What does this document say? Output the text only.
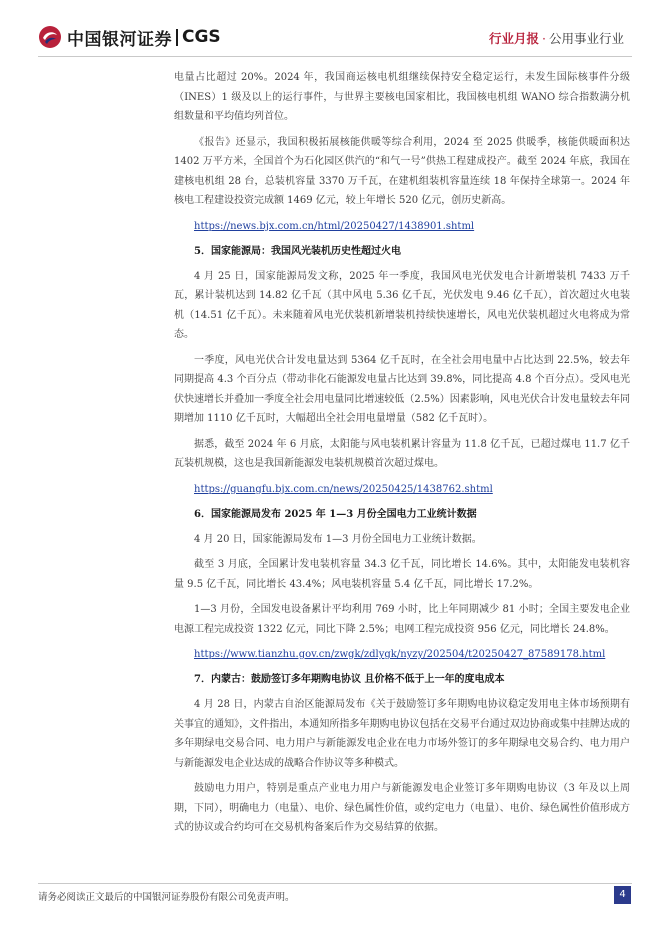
中国银河证券 CGS	行业月报 · 公用事业行业

电量占比超过 20%。2024 年，我国商运核电机组继续保持安全稳定运行，未发生国际核事件分级（INES）1 级及以上的运行事件，与世界主要核电国家相比，我国核电机组 WANO 综合指数满分机组数量和平均值均列首位。

《报告》还显示，我国积极拓展核能供暖等综合利用，2024 至 2025 供暖季，核能供暖面积达 1402 万平方米，全国首个为石化园区供汽的“和气一号”供热工程建成投产。截至 2024 年底，我国在建核电机组 28 台，总装机容量 3370 万千瓦，在建机组装机容量连续 18 年保持全球第一。2024 年核电工程建设投资完成额 1469 亿元，较上年增长 520 亿元，创历史新高。

https://news.bjx.com.cn/html/20250427/1438901.shtml
5．国家能源局：我国风光装机历史性超过火电

4 月 25 日，国家能源局发文称，2025 年一季度，我国风电光伏发电合计新增装机 7433 万千瓦，累计装机达到 14.82 亿千瓦（其中风电 5.36 亿千瓦，光伏发电 9.46 亿千瓦），首次超过火电装机（14.51 亿千瓦）。未来随着风电光伏装机新增装机持续快速增长，风电光伏装机超过火电将成为常态。

一季度，风电光伏合计发电量达到 5364 亿千瓦时，在全社会用电量中占比达到 22.5%，较去年同期提高 4.3 个百分点（带动非化石能源发电量占比达到 39.8%，同比提高 4.8 个百分点）。受风电光伏快速增长并叠加一季度全社会用电量同比增速较低（2.5%）因素影响，风电光伏合计发电量较去年同期增加 1110 亿千瓦时，大幅超出全社会用电量增量（582 亿千瓦时）。

据悉，截至 2024 年 6 月底，太阳能与风电装机累计容量为 11.8 亿千瓦，已超过煤电 11.7 亿千瓦装机规模，这也是我国新能源发电装机规模首次超过煤电。

https://guangfu.bjx.com.cn/news/20250425/1438762.shtml
6．国家能源局发布 2025 年 1—3 月份全国电力工业统计数据

4 月 20 日，国家能源局发布 1—3 月份全国电力工业统计数据。

截至 3 月底，全国累计发电装机容量 34.3 亿千瓦，同比增长 14.6%。其中，太阳能发电装机容量 9.5 亿千瓦，同比增长 43.4%；风电装机容量 5.4 亿千瓦，同比增长 17.2%。

1—3 月份，全国发电设备累计平均利用 769 小时，比上年同期减少 81 小时；全国主要发电企业电源工程完成投资 1322 亿元，同比下降 2.5%；电网工程完成投资 956 亿元，同比增长 24.8%。

https://www.tianzhu.gov.cn/zwgk/zdlygk/nyzy/202504/t20250427_87589178.html
7．内蒙古：鼓励签订多年期购电协议 且价格不低于上一年的度电成本

4 月 28 日，内蒙古自治区能源局发布《关于鼓励签订多年期购电协议稳定发用电主体市场预期有关事宜的通知》，文件指出，本通知所指多年期购电协议包括在交易平台通过双边协商或集中挂牌达成的多年期绿电交易合同、电力用户与新能源发电企业在电力市场外签订的多年期绿电交易合约、电力用户与新能源发电企业达成的战略合作协议等多种模式。

鼓励电力用户，特别是重点产业电力用户与新能源发电企业签订多年期购电协议（3 年及以上周期，下同），明确电力（电量）、电价、绿色属性价值，或约定电力（电量）、电价、绿色属性价值形成方式的协议或合约均可在交易机构备案后作为交易结算的依据。

请务必阅读正文最后的中国银河证券股份有限公司免责声明。	4
